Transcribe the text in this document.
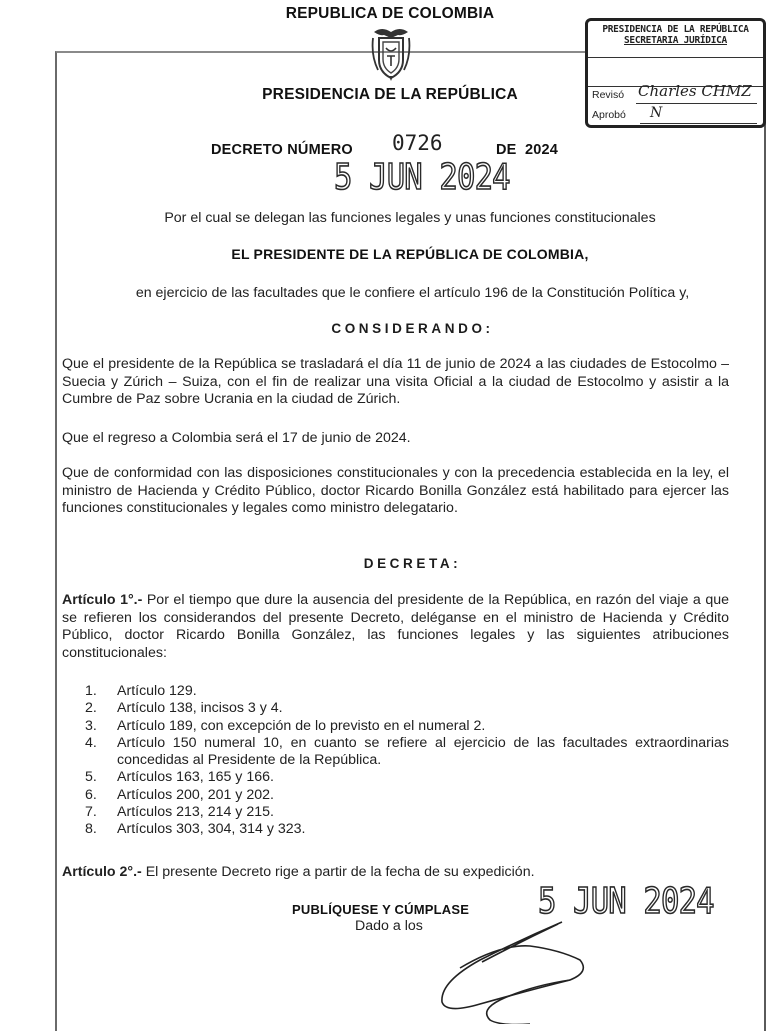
REPUBLICA DE COLOMBIA
PRESIDENCIA DE LA REPÚBLICA
PRESIDENCIA DE LA REPÚBLICA
SECRETARIA JURÍDICA
Revisó Charles CHMZ
Aprobó N
DECRETO NÚMERO 0726	DE  2024
5 JUN 2024
Por el cual se delegan las funciones legales y unas funciones constitucionales
EL PRESIDENTE DE LA REPÚBLICA DE COLOMBIA,
en ejercicio de las facultades que le confiere el artículo 196 de la Constitución Política y,
CONSIDERANDO:
Que el presidente de la República se trasladará el día 11 de junio de 2024 a las ciudades de Estocolmo – Suecia y Zúrich – Suiza, con el fin de realizar una visita Oficial a la ciudad de Estocolmo y asistir a la Cumbre de Paz sobre Ucrania en la ciudad de Zúrich.
Que el regreso a Colombia será el 17 de junio de 2024.
Que de conformidad con las disposiciones constitucionales y con la precedencia establecida en la ley, el ministro de Hacienda y Crédito Público, doctor Ricardo Bonilla González está habilitado para ejercer las funciones constitucionales y legales como ministro delegatario.
DECRETA:
Artículo 1°.- Por el tiempo que dure la ausencia del presidente de la República, en razón del viaje a que se refieren los considerandos del presente Decreto, deléganse en el ministro de Hacienda y Crédito Público, doctor Ricardo Bonilla González, las funciones legales y las siguientes atribuciones constitucionales:
1.	Artículo 129.
2.	Artículo 138, incisos 3 y 4.
3.	Artículo 189, con excepción de lo previsto en el numeral 2.
4.	Artículo 150 numeral 10, en cuanto se refiere al ejercicio de las facultades extraordinarias concedidas al Presidente de la República.
5.	Artículos 163, 165 y 166.
6.	Artículos 200, 201 y 202.
7.	Artículos 213, 214 y 215.
8.	Artículos 303, 304, 314 y 323.
Artículo 2°.- El presente Decreto rige a partir de la fecha de su expedición.
PUBLÍQUESE Y CÚMPLASE
Dado a los
5 JUN 2024
